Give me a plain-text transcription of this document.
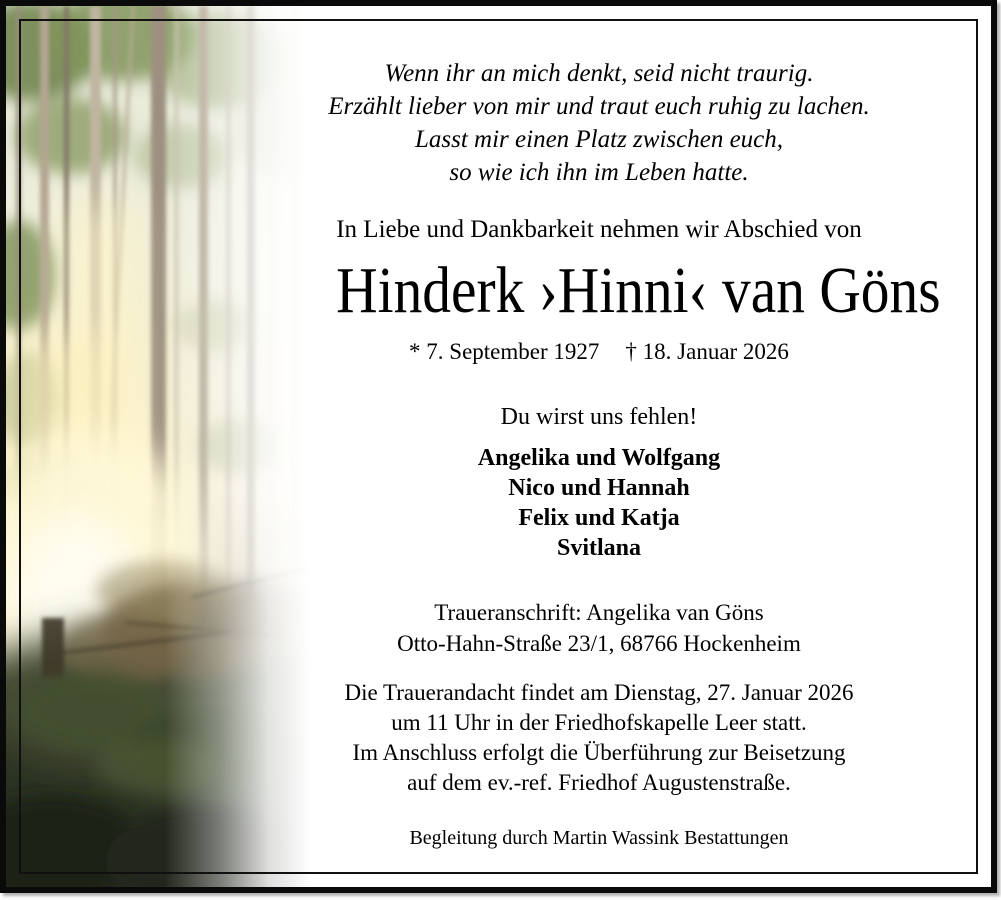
Wenn ihr an mich denkt, seid nicht traurig.
Erzählt lieber von mir und traut euch ruhig zu lachen.
Lasst mir einen Platz zwischen euch,
so wie ich ihn im Leben hatte.
In Liebe und Dankbarkeit nehmen wir Abschied von
Hinderk ›Hinni‹ van Göns
* 7. September 1927 † 18. Januar 2026
Du wirst uns fehlen!
Angelika und Wolfgang
Nico und Hannah
Felix und Katja
Svitlana
Traueranschrift: Angelika van Göns
Otto-Hahn-Straße 23/1, 68766 Hockenheim
Die Trauerandacht findet am Dienstag, 27. Januar 2026
um 11 Uhr in der Friedhofskapelle Leer statt.
Im Anschluss erfolgt die Überführung zur Beisetzung
auf dem ev.-ref. Friedhof Augustenstraße.
Begleitung durch Martin Wassink Bestattungen
